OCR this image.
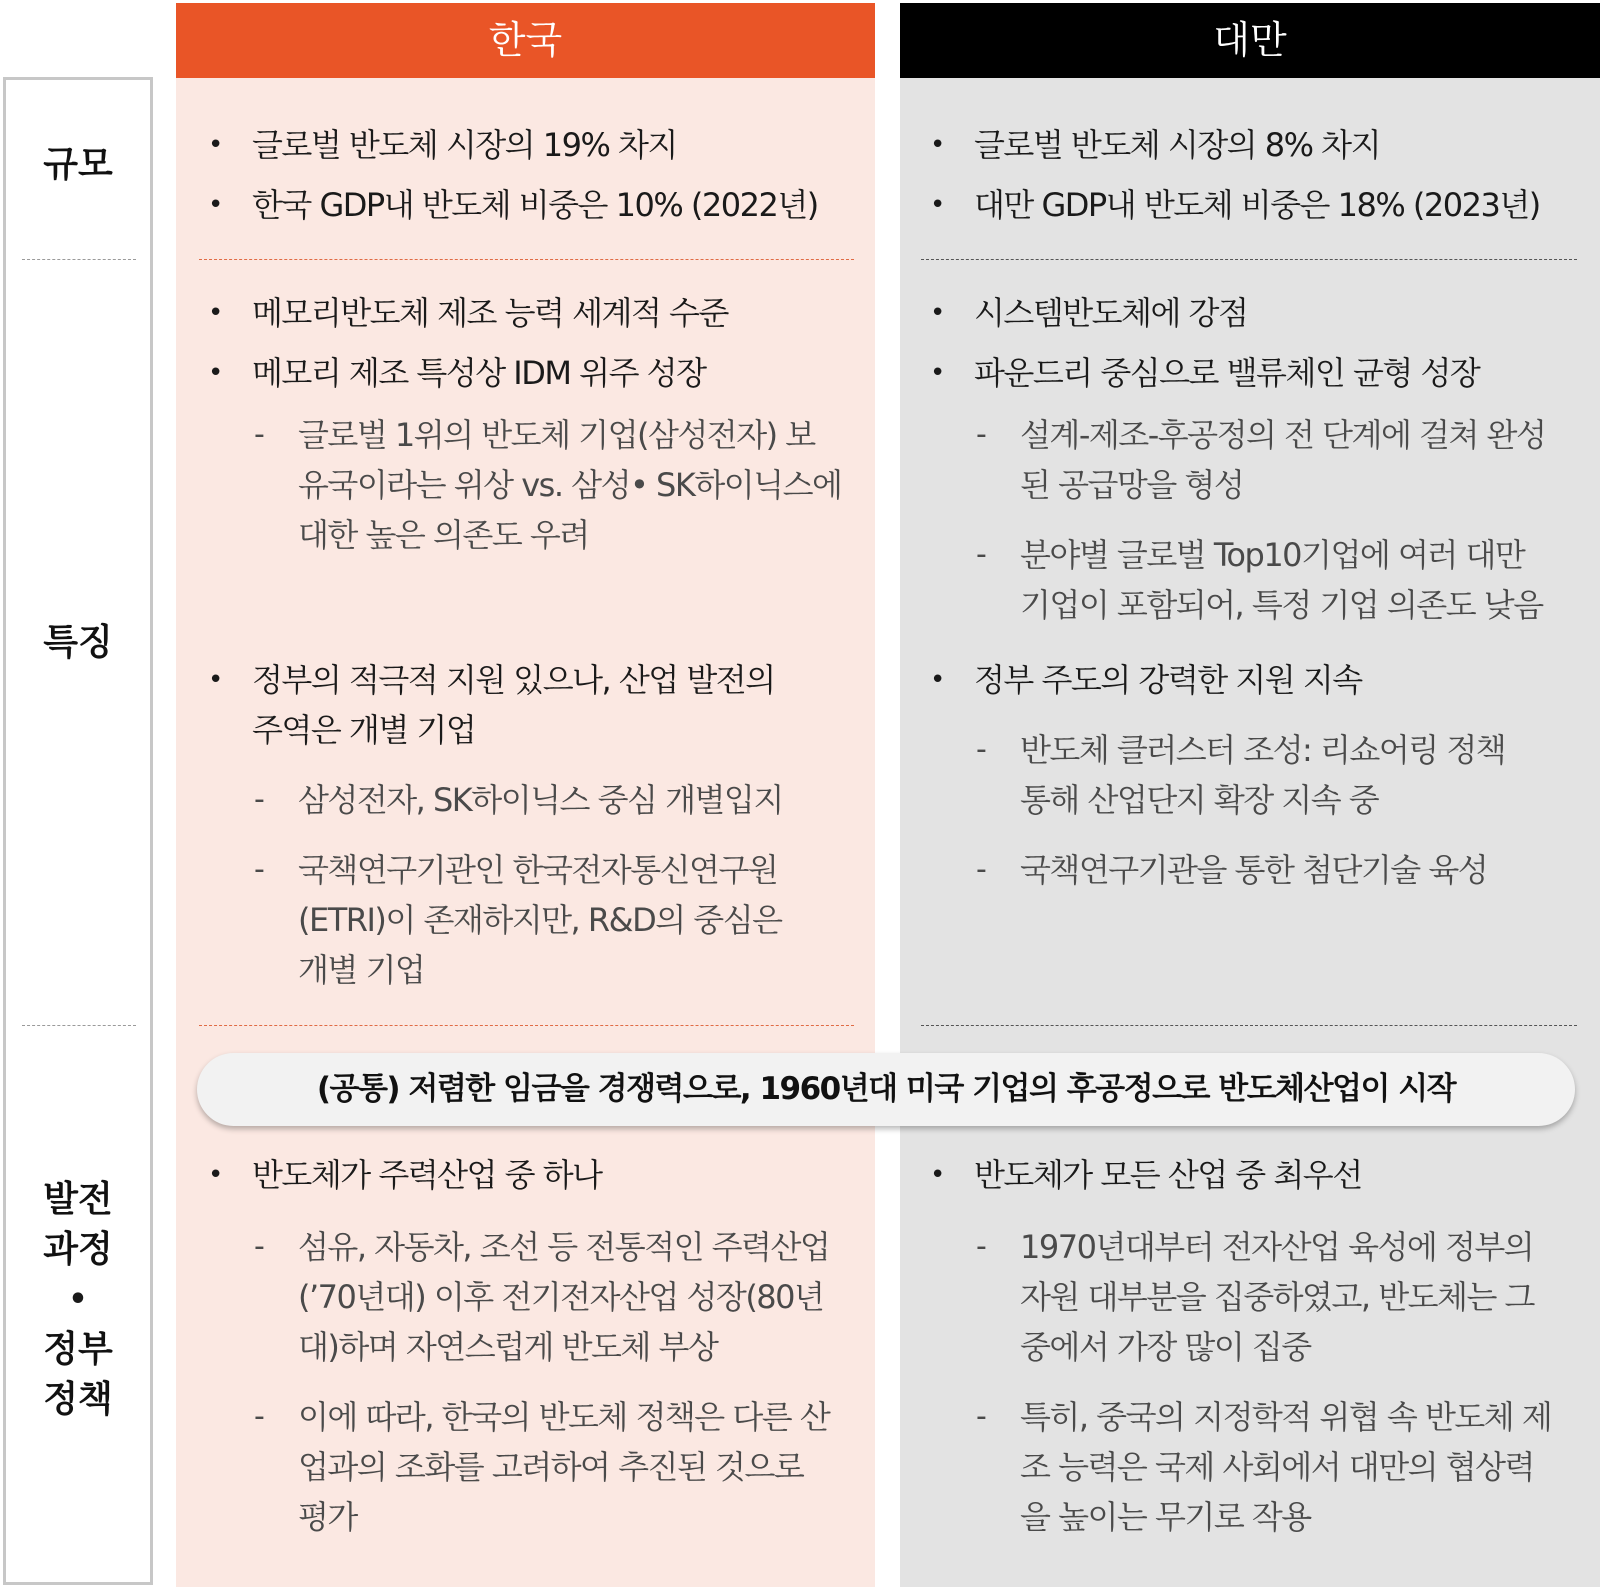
규모
특징
발전
과정
•
정부
정책
한국	대만
• 글로벌 반도체 시장의 19% 차지
• 한국 GDP내 반도체 비중은 10% (2022년)
• 메모리반도체 제조 능력 세계적 수준
• 메모리 제조 특성상 IDM 위주 성장
- 글로벌 1위의 반도체 기업(삼성전자) 보
유국이라는 위상 vs. 삼성• SK하이닉스에
대한 높은 의존도 우려
• 정부의 적극적 지원 있으나, 산업 발전의
주역은 개별 기업
- 삼성전자, SK하이닉스 중심 개별입지
- 국책연구기관인 한국전자통신연구원
(ETRI)이 존재하지만, R&D의 중심은
개별 기업
• 글로벌 반도체 시장의 8% 차지
• 대만 GDP내 반도체 비중은 18% (2023년)
• 시스템반도체에 강점
• 파운드리 중심으로 밸류체인 균형 성장
- 설계-제조-후공정의 전 단계에 걸쳐 완성
된 공급망을 형성
- 분야별 글로벌 Top10기업에 여러 대만
기업이 포함되어, 특정 기업 의존도 낮음
• 정부 주도의 강력한 지원 지속
- 반도체 클러스터 조성: 리쇼어링 정책
통해 산업단지 확장 지속 중
- 국책연구기관을 통한 첨단기술 육성
(공통) 저렴한 임금을 경쟁력으로, 1960년대 미국 기업의 후공정으로 반도체산업이 시작
• 반도체가 주력산업 중 하나
- 섬유, 자동차, 조선 등 전통적인 주력산업
(’70년대) 이후 전기전자산업 성장(80년
대)하며 자연스럽게 반도체 부상
- 이에 따라, 한국의 반도체 정책은 다른 산
업과의 조화를 고려하여 추진된 것으로
평가
• 반도체가 모든 산업 중 최우선
- 1970년대부터 전자산업 육성에 정부의
자원 대부분을 집중하였고, 반도체는 그
중에서 가장 많이 집중
- 특히, 중국의 지정학적 위협 속 반도체 제
조 능력은 국제 사회에서 대만의 협상력
을 높이는 무기로 작용
